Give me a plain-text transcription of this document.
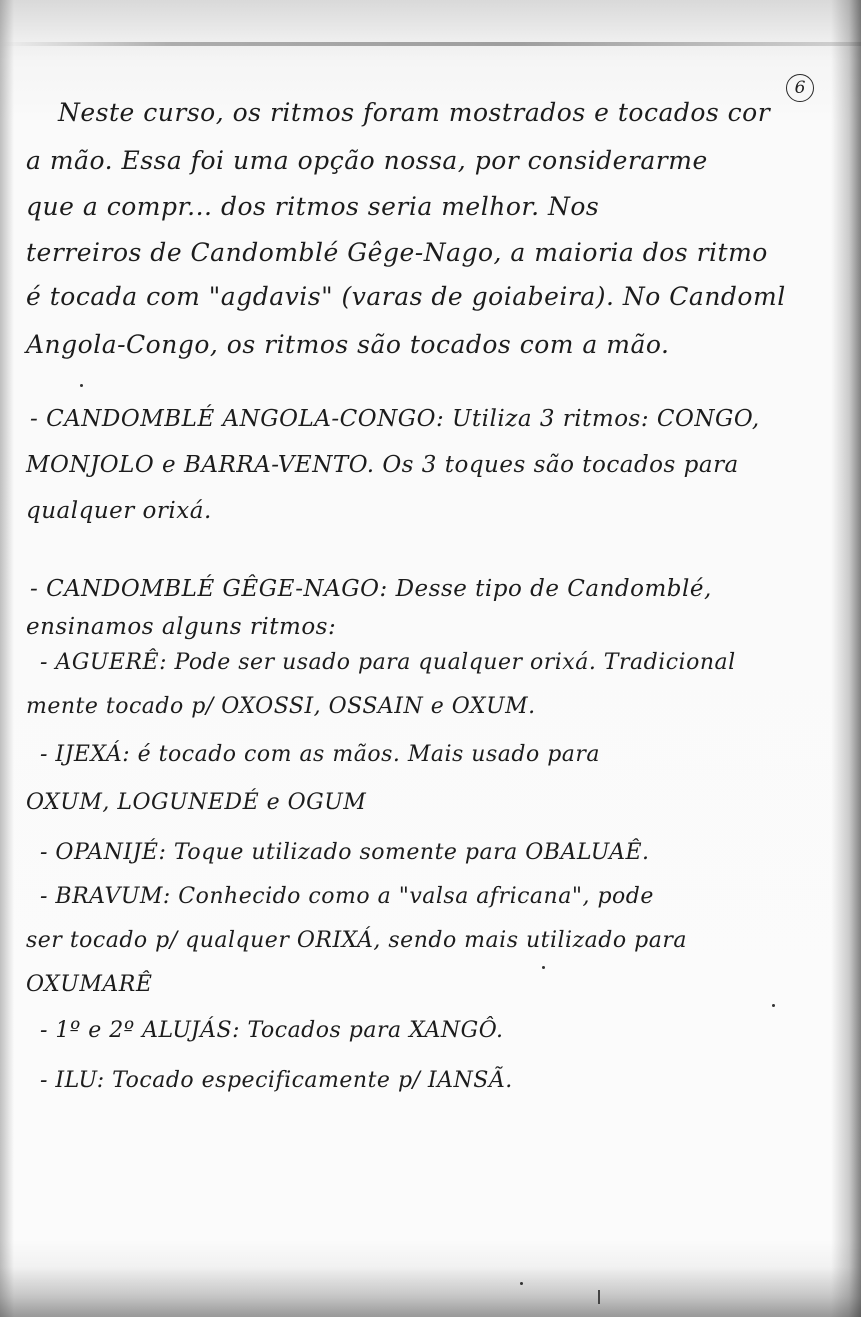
6
Neste curso, os ritmos foram mostrados e tocados cor
a mão. Essa foi uma opção nossa, por considerarme
que a compr... dos ritmos seria melhor. Nos
terreiros de Candomblé Gêge-Nago, a maioria dos ritmo
é tocada com "agdavis" (varas de goiabeira). No Candoml
Angola-Congo, os ritmos são tocados com a mão.
- CANDOMBLÉ ANGOLA-CONGO: Utiliza 3 ritmos: CONGO,
MONJOLO e BARRA-VENTO. Os 3 toques são tocados para
qualquer orixá.
- CANDOMBLÉ GÊGE-NAGO: Desse tipo de Candomblé,
ensinamos alguns ritmos:
- AGUERÊ: Pode ser usado para qualquer orixá. Tradicional
mente tocado p/ OXOSSI, OSSAIN e OXUM.
- IJEXÁ: é tocado com as mãos. Mais usado para
OXUM, LOGUNEDÉ e OGUM
- OPANIJÉ: Toque utilizado somente para OBALUAÊ.
- BRAVUM: Conhecido como a "valsa africana", pode
ser tocado p/ qualquer ORIXÁ, sendo mais utilizado para
OXUMARÊ
- 1º e 2º ALUJÁS: Tocados para XANGÔ.
- ILU: Tocado especificamente p/ IANSÃ.
